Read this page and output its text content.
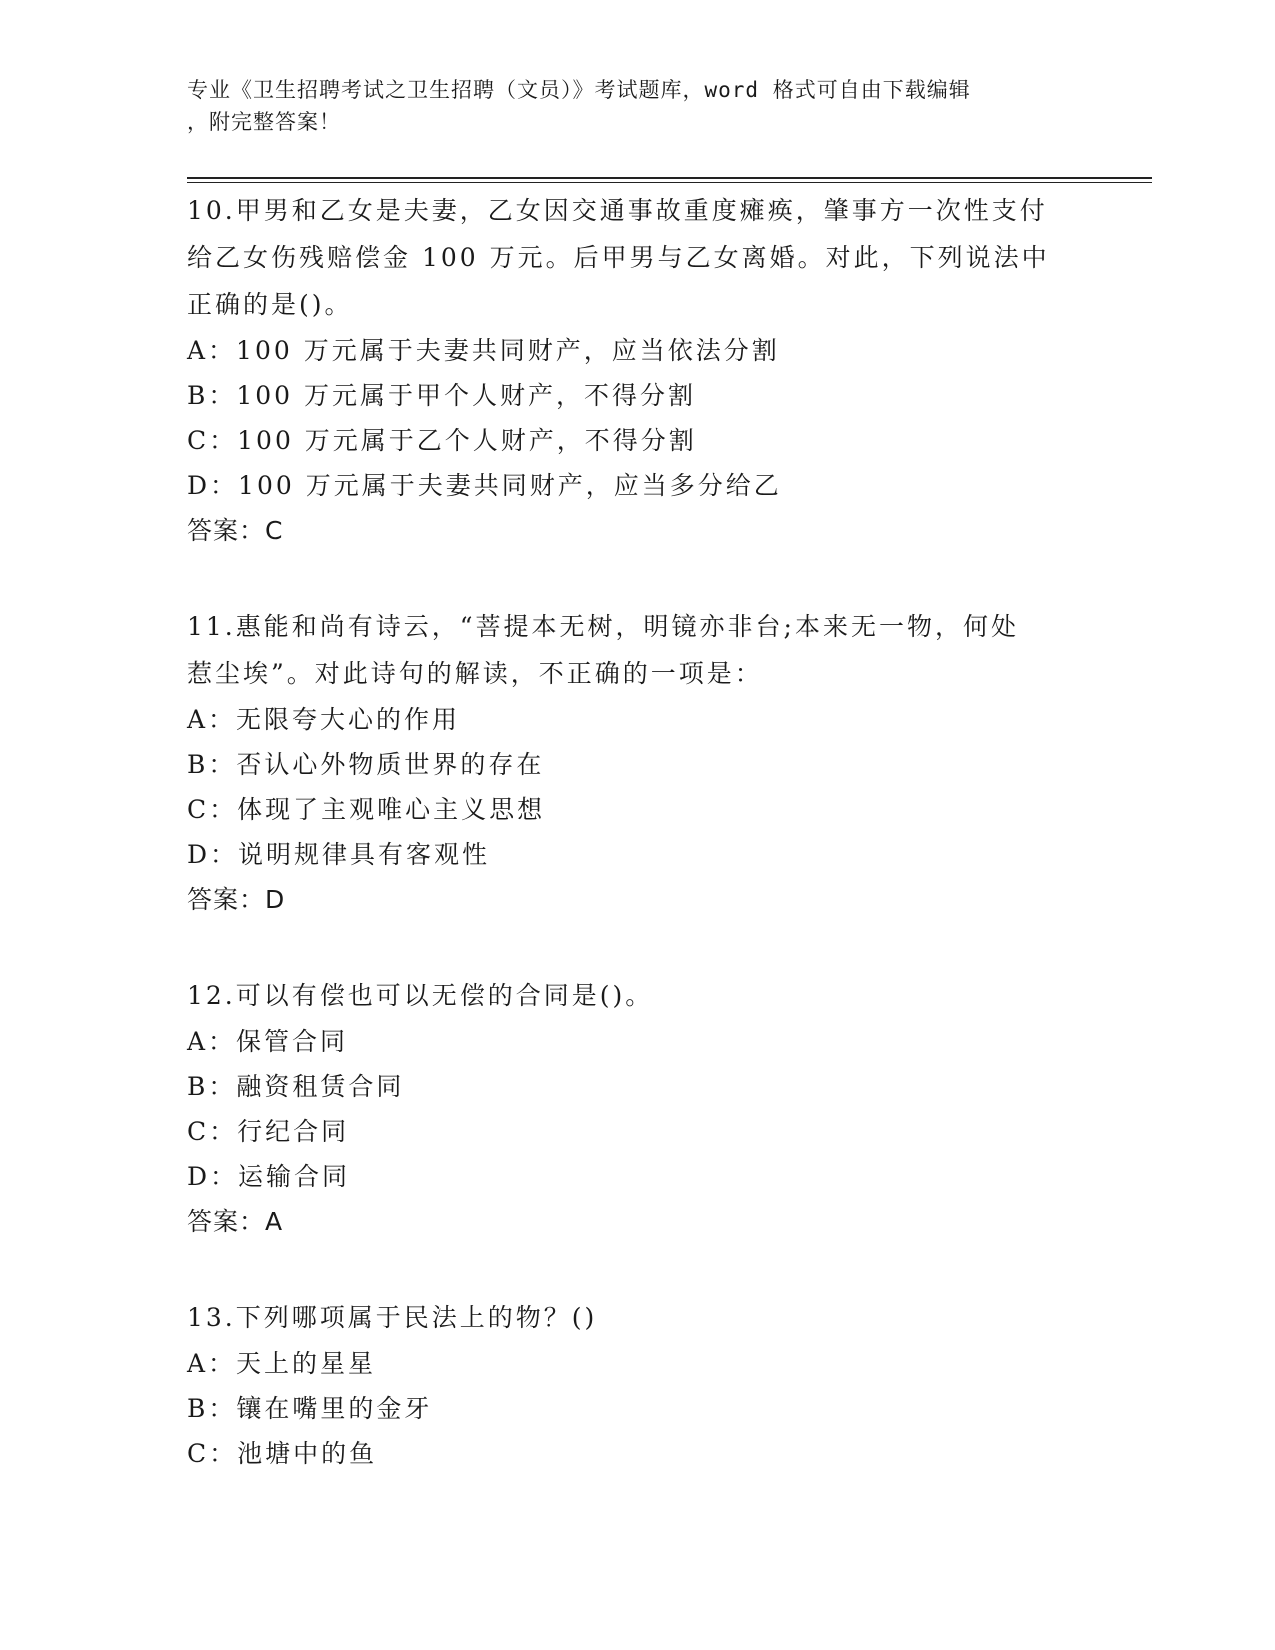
专业《卫生招聘考试之卫生招聘（文员）》考试题库，word 格式可自由下载编辑
，附完整答案！
10.甲男和乙女是夫妻，乙女因交通事故重度瘫痪，肇事方一次性支付
给乙女伤残赔偿金 100 万元。后甲男与乙女离婚。对此，下列说法中
正确的是()。
A：100 万元属于夫妻共同财产，应当依法分割
B：100 万元属于甲个人财产，不得分割
C：100 万元属于乙个人财产，不得分割
D：100 万元属于夫妻共同财产，应当多分给乙
答案：C
11.惠能和尚有诗云，“菩提本无树，明镜亦非台;本来无一物，何处
惹尘埃”。对此诗句的解读，不正确的一项是：
A：无限夸大心的作用
B：否认心外物质世界的存在
C：体现了主观唯心主义思想
D：说明规律具有客观性
答案：D
12.可以有偿也可以无偿的合同是()。
A：保管合同
B：融资租赁合同
C：行纪合同
D：运输合同
答案：A
13.下列哪项属于民法上的物？()
A：天上的星星
B：镶在嘴里的金牙
C：池塘中的鱼
